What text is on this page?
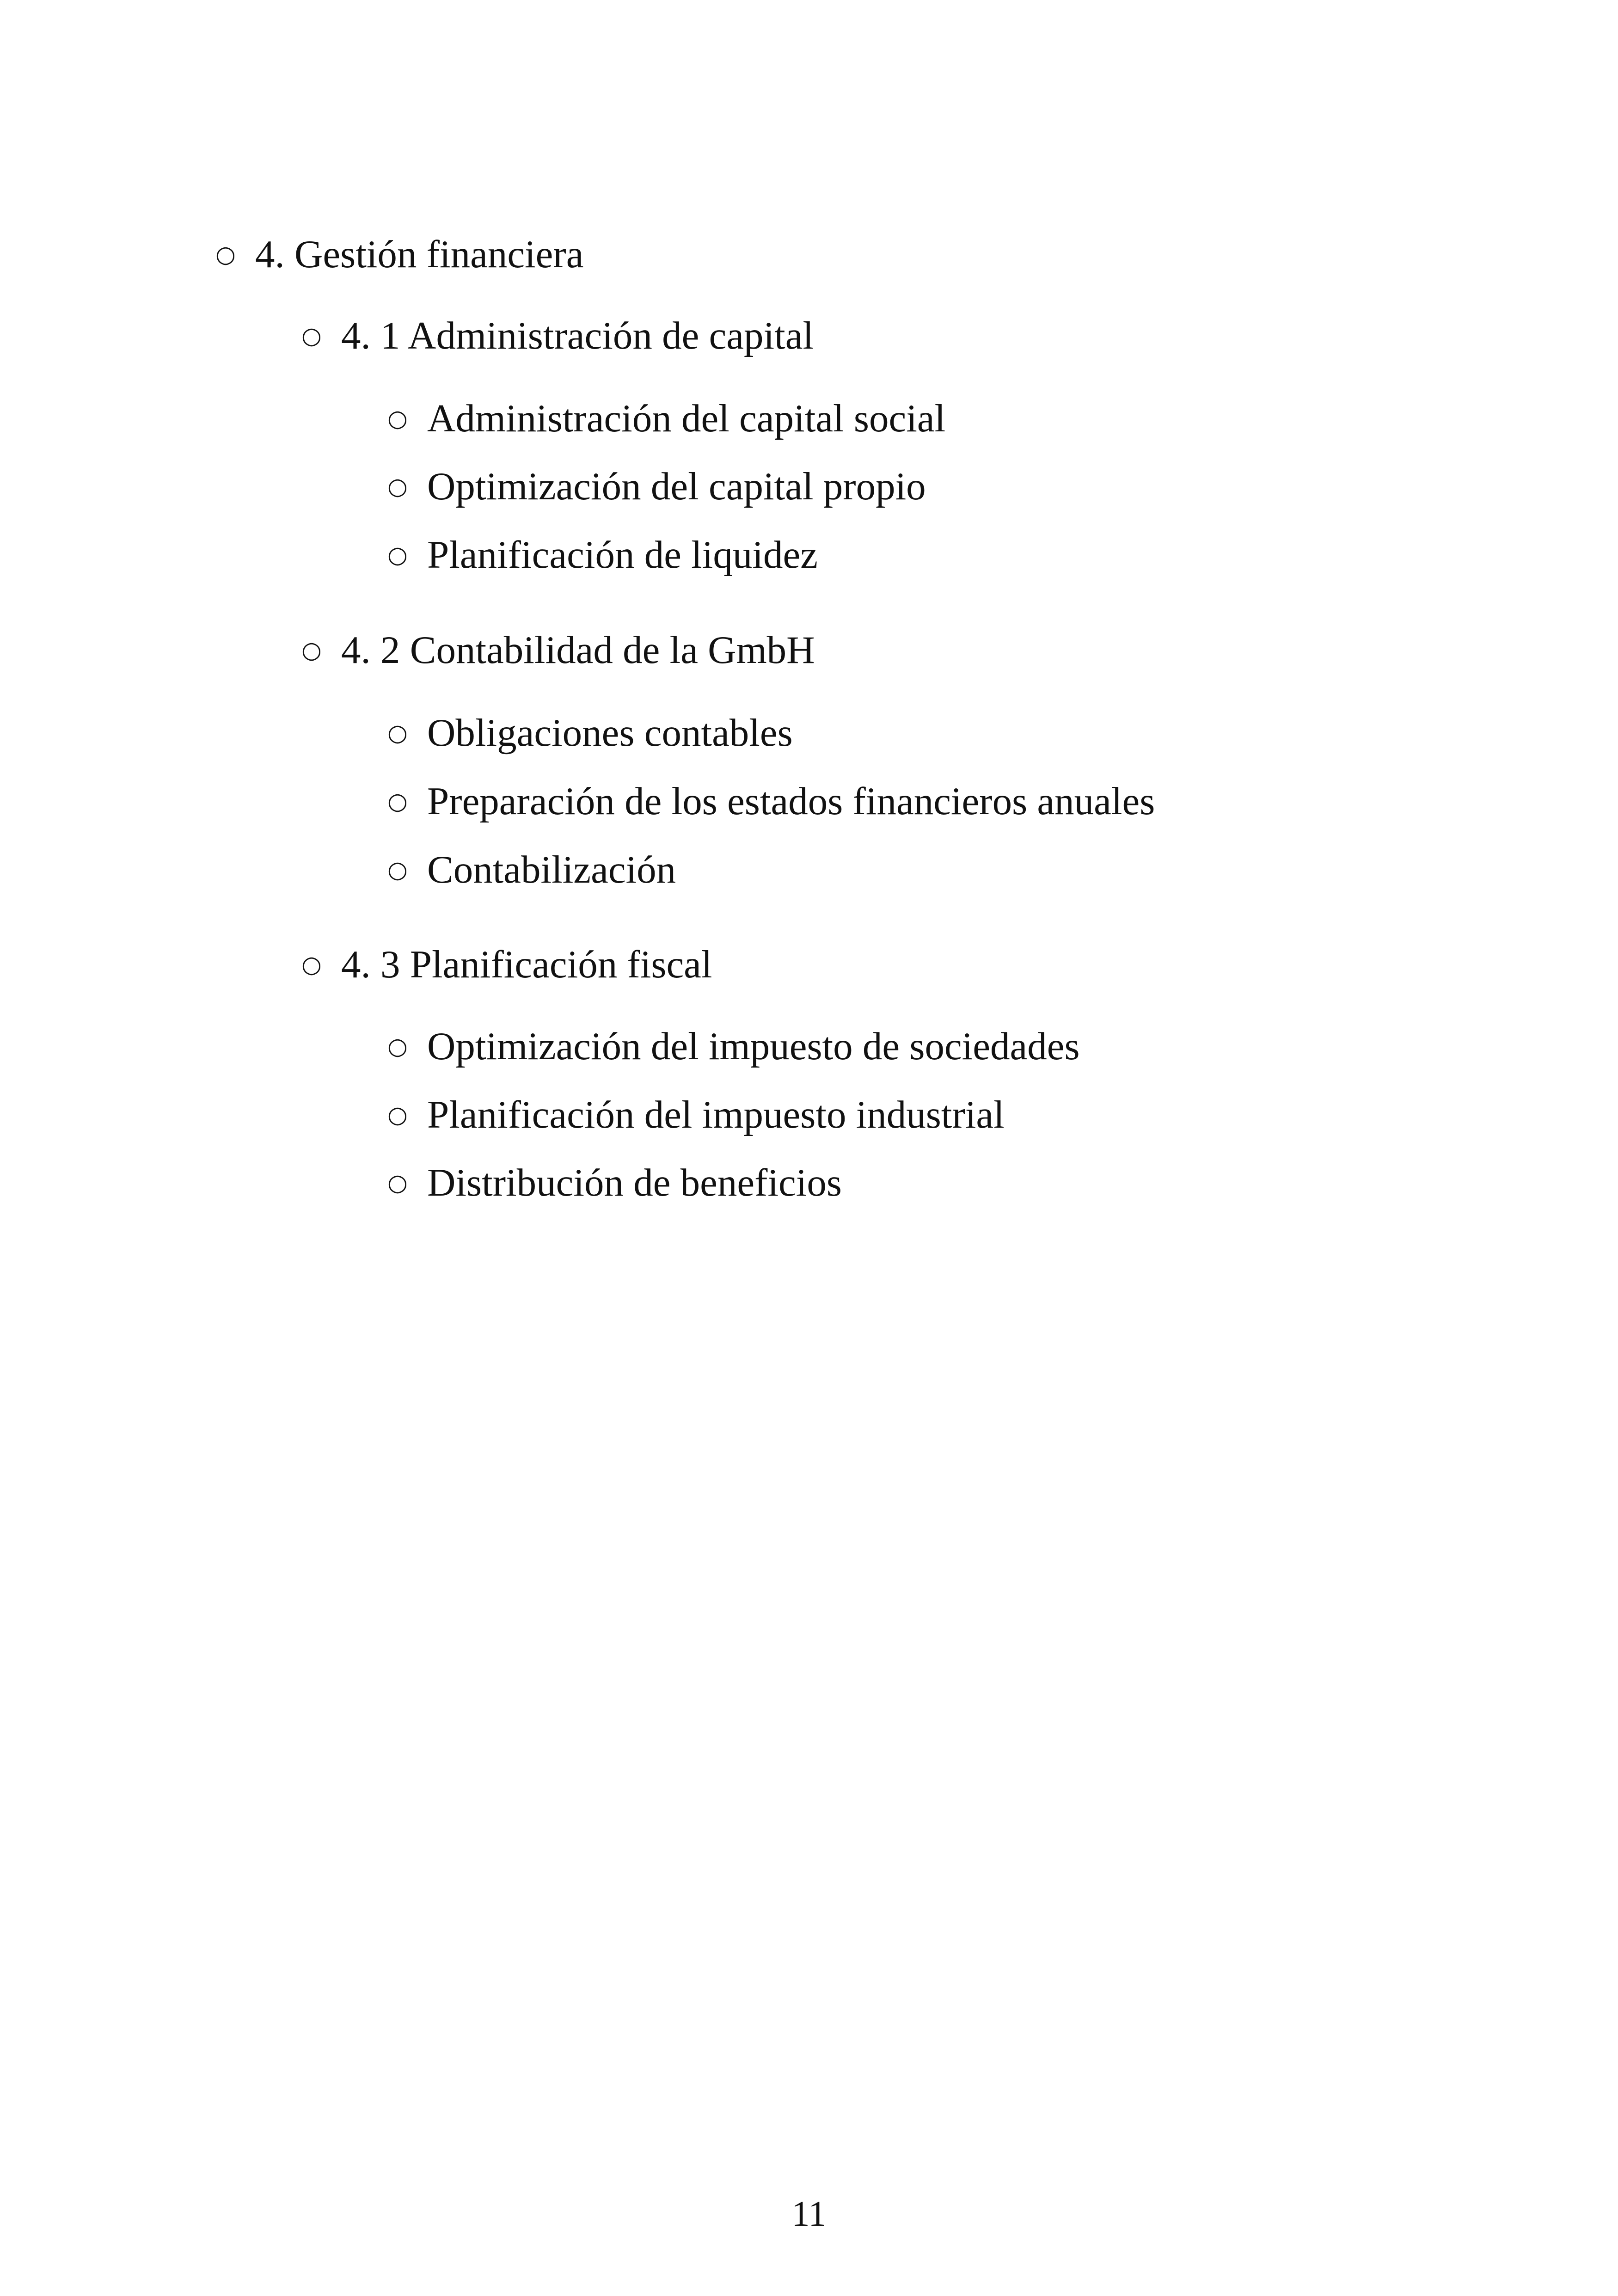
○ 4. Gestión financiera
○ 4. 1 Administración de capital
○ Administración del capital social
○ Optimización del capital propio
○ Planificación de liquidez
○ 4. 2 Contabilidad de la GmbH
○ Obligaciones contables
○ Preparación de los estados financieros anuales
○ Contabilización
○ 4. 3 Planificación fiscal
○ Optimización del impuesto de sociedades
○ Planificación del impuesto industrial
○ Distribución de beneficios
11
